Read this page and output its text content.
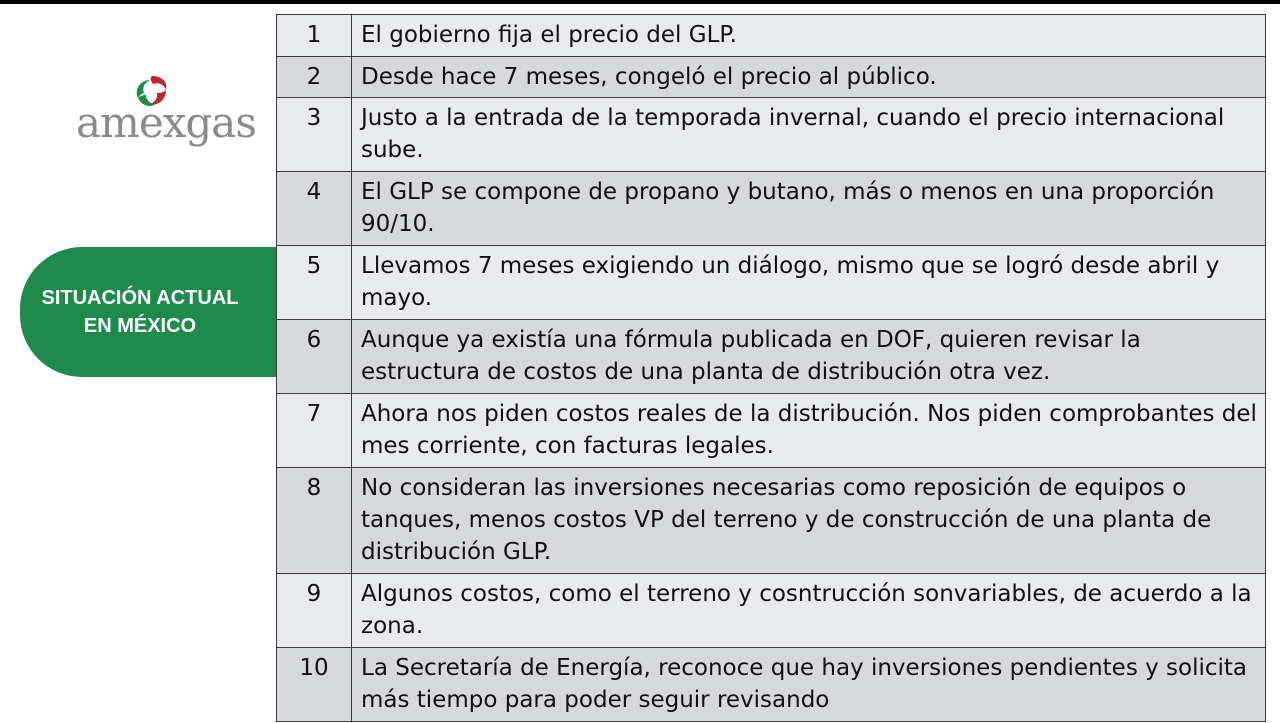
amexgas
SITUACIÓN ACTUAL
EN MÉXICO
1	El gobierno fija el precio del GLP.
2	Desde hace 7 meses, congeló el precio al público.
3	Justo a la entrada de la temporada invernal, cuando el precio internacional sube.
4	El GLP se compone de propano y butano, más o menos en una proporción 90/10.
5	Llevamos 7 meses exigiendo un diálogo, mismo que se logró desde abril y mayo.
6	Aunque ya existía una fórmula publicada en DOF, quieren revisar la estructura de costos de una planta de distribución otra vez.
7	Ahora nos piden costos reales de la distribución. Nos piden comprobantes del mes corriente, con facturas legales.
8	No consideran las inversiones necesarias como reposición de equipos o tanques, menos costos VP del terreno y de construcción de una planta de distribución GLP.
9	Algunos costos, como el terreno y cosntrucción sonvariables, de acuerdo a la zona.
10	La Secretaría de Energía, reconoce que hay inversiones pendientes y solicita más tiempo para poder seguir revisando
